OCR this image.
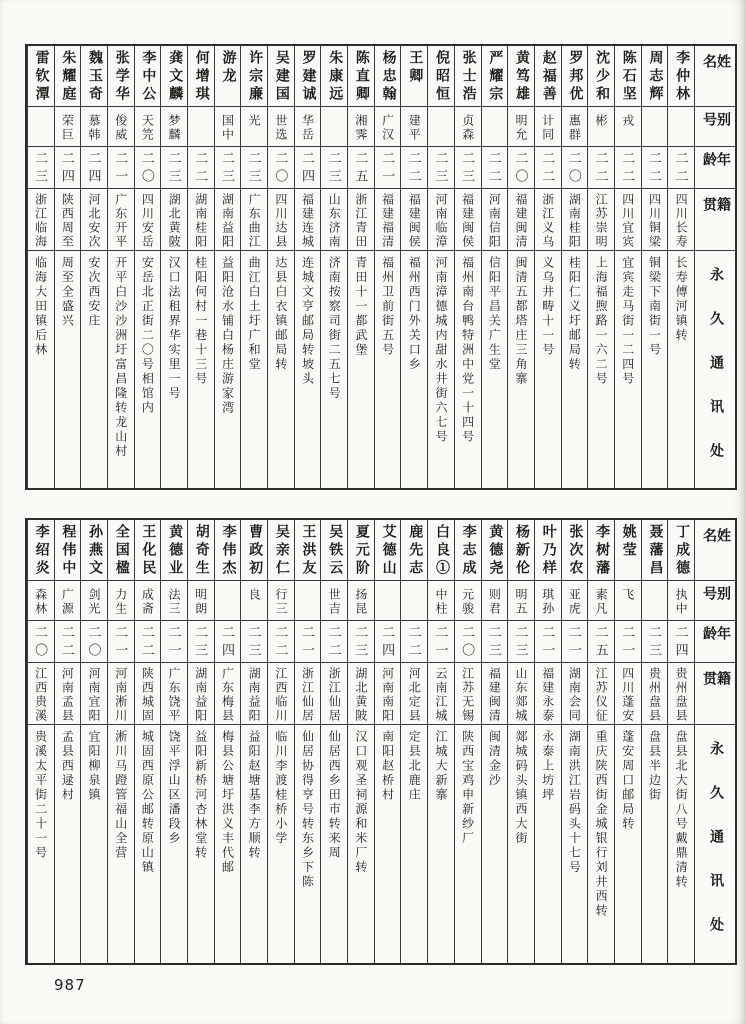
姓名
别号
年龄
籍贯
永久通讯处
李仲林
二二
四川长寿
长寿傅河镇转
周志辉
二二
四川铜梁
铜梁下南街一号
陈石坚
戎
二二
四川宜宾
宜宾走马街一二四号
沈少和
彬
二二
江苏崇明
上海福煦路一六二号
罗邦优
惠群
二〇
湖南桂阳
桂阳仁义圩邮局转
赵福善
计同
二二
浙江义乌
义乌井畴十一号
黄笃雄
明允
二〇
福建闽清
闽清五都塔庄三角寨
严耀宗
二二
河南信阳
信阳平昌关广生堂
张士浩
贞森
二三
福建闽侯
福州南台鸭特洲中党一十四号
倪昭恒
二三
河南临漳
河南漳德城内甜水井街六七号
王卿
建平
二二
福建闽侯
福州西门外关口乡
杨忠翰
广汉
二一
福建福清
福州卫前街五号
陈直卿
湘霁
二五
浙江青田
青田十一都武堡
朱康远
二三
山东济南
济南按察司街二五七号
罗建诚
华岳
二四
福建连城
连城文亨邮局转坡头
吴建国
世选
二〇
四川达县
达县白衣镇邮局转
许宗廉
光
二三
广东曲江
曲江白土圩广和堂
游龙
国中
二三
湖南益阳
益阳沧水铺白杨庄游家湾
何增琪
二二
湖南桂阳
桂阳何村一巷十三号
龚文麟
梦麟
二三
湖北黄陂
汉口法租界华实里一号
李中公
天笎
二〇
四川安岳
安岳北正街二〇号相馆内
张学华
俊威
二一
广东开平
开平白沙沙洲圩富昌隆转龙山村
魏玉奇
慕韩
二四
河北安次
安次西安庄
朱耀庭
荣巨
二四
陕西周至
周至全盛兴
雷钦潭
二三
浙江临海
临海大田镇后林
姓名
别号
年龄
籍贯
永久通讯处
丁成德
执中
二四
贵州盘县
盘县北大街八号戴鼎清转
聂藩昌
二三
贵州盘县
盘县半边街
姚莹
飞
二一
四川蓬安
蓬安周口邮局转
李树藩
素凡
二五
江苏仪征
重庆陕西街金城银行刘井西转
张次农
亚虎
二一
湖南会同
湖南洪江岩码头十七号
叶乃样
琪孙
二一
福建永泰
永泰上坊坪
杨新伦
明五
二三
山东郯城
郯城码头镇西大街
黄德尧
则君
二三
福建闽清
闽清金沙
李志成
元骏
二〇
江苏无锡
陕西宝鸡申新纱厂
白良①
中柱
二一
云南江城
江城大新寨
鹿先志
二二
河北定县
定县北鹿庄
艾德山
二四
河南南阳
南阳赵桥村
夏元阶
扬昆
二三
湖北黄陂
汉口观圣祠源和米厂转
吴铁云
世吉
二二
浙江仙居
仙居西乡田市转来周
王洪友
二一
浙江仙居
仙居协得亨号转东乡下陈
吴亲仁
行三
二二
江西临川
临川李渡桂桥小学
曹政初
良
二三
湖南益阳
益阳赵塘基李方顺转
李伟杰
二四
广东梅县
梅县公塘圩洪义丰代邮
胡奇生
明朗
二三
湖南益阳
益阳新桥河杏林堂转
黄德业
法三
二一
广东饶平
饶平浮山区潘段乡
王化民
成斋
二二
陕西城固
城固西原公邮转原山镇
全国楹
力生
二一
河南淅川
淅川马蹬管福山全营
孙燕文
剑光
二〇
河南宜阳
宜阳柳泉镇
程伟中
广源
二二
河南孟县
孟县西逯村
李绍炎
森林
二〇
江西贵溪
贵溪太平街二十一号
987
